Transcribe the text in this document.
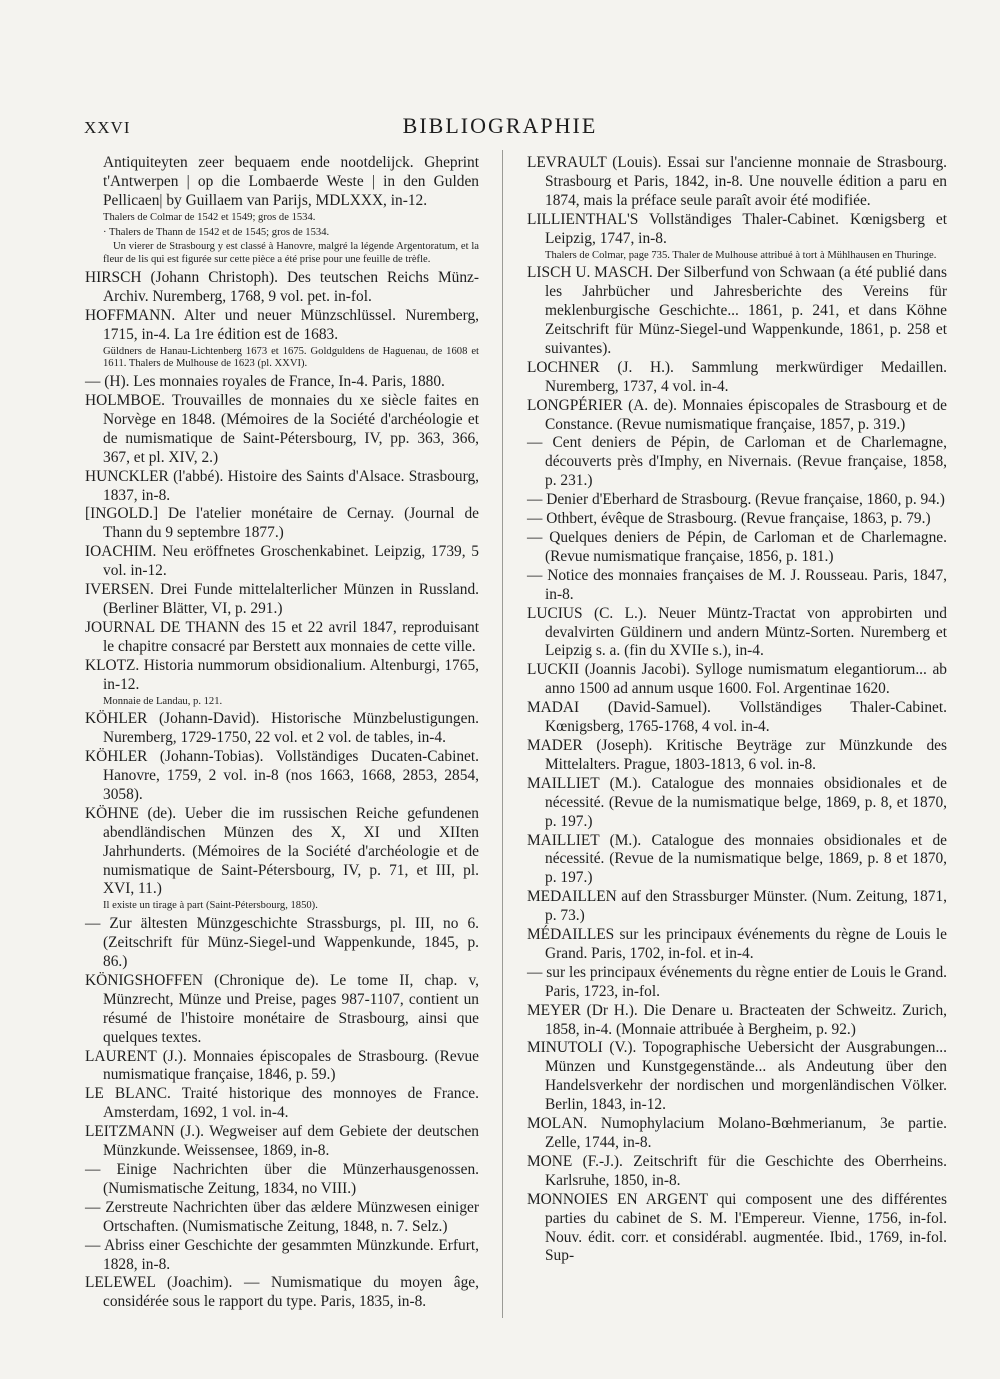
XXVI	BIBLIOGRAPHIE
Antiquiteyten zeer bequaem ende nootdelijck. Gheprint t'Antwerpen | op die Lombaerde Weste | in den Gulden Pellicaen| by Guillaem van Parijs, MDLXXX, in-12.
Thalers de Colmar de 1542 et 1549; gros de 1534.
· Thalers de Thann de 1542 et de 1545; gros de 1534.
Un vierer de Strasbourg y est classé à Hanovre, malgré la légende Argentoratum, et la fleur de lis qui est figurée sur cette pièce a été prise pour une feuille de trèfle.
HIRSCH (Johann Christoph). Des teutschen Reichs Münz-Archiv. Nuremberg, 1768, 9 vol. pet. in-fol.
HOFFMANN. Alter und neuer Münzschlüssel. Nuremberg, 1715, in-4. La 1re édition est de 1683.
Güldners de Hanau-Lichtenberg 1673 et 1675. Goldguldens de Haguenau, de 1608 et 1611. Thalers de Mulhouse de 1623 (pl. XXVI).
— (H). Les monnaies royales de France, In-4. Paris, 1880.
HOLMBOE. Trouvailles de monnaies du xe siècle faites en Norvège en 1848. (Mémoires de la Société d'archéologie et de numismatique de Saint-Pétersbourg, IV, pp. 363, 366, 367, et pl. XIV, 2.)
HUNCKLER (l'abbé). Histoire des Saints d'Alsace. Strasbourg, 1837, in-8.
[INGOLD.] De l'atelier monétaire de Cernay. (Journal de Thann du 9 septembre 1877.)
IOACHIM. Neu eröffnetes Groschenkabinet. Leipzig, 1739, 5 vol. in-12.
IVERSEN. Drei Funde mittelalterlicher Münzen in Russland. (Berliner Blätter, VI, p. 291.)
JOURNAL DE THANN des 15 et 22 avril 1847, reproduisant le chapitre consacré par Berstett aux monnaies de cette ville.
KLOTZ. Historia nummorum obsidionalium. Altenburgi, 1765, in-12.
Monnaie de Landau, p. 121.
KÖHLER (Johann-David). Historische Münzbelustigungen. Nuremberg, 1729-1750, 22 vol. et 2 vol. de tables, in-4.
KÖHLER (Johann-Tobias). Vollständiges Ducaten-Cabinet. Hanovre, 1759, 2 vol. in-8 (nos 1663, 1668, 2853, 2854, 3058).
KÖHNE (de). Ueber die im russischen Reiche gefundenen abendländischen Münzen des X, XI und XIIten Jahrhunderts. (Mémoires de la Société d'archéologie et de numismatique de Saint-Pétersbourg, IV, p. 71, et III, pl. XVI, 11.)
Il existe un tirage à part (Saint-Pétersbourg, 1850).
— Zur ältesten Münzgeschichte Strassburgs, pl. III, no 6. (Zeitschrift für Münz-Siegel-und Wappenkunde, 1845, p. 86.)
KÖNIGSHOFFEN (Chronique de). Le tome II, chap. v, Münzrecht, Münze und Preise, pages 987-1107, contient un résumé de l'histoire monétaire de Strasbourg, ainsi que quelques textes.
LAURENT (J.). Monnaies épiscopales de Strasbourg. (Revue numismatique française, 1846, p. 59.)
LE BLANC. Traité historique des monnoyes de France. Amsterdam, 1692, 1 vol. in-4.
LEITZMANN (J.). Wegweiser auf dem Gebiete der deutschen Münzkunde. Weissensee, 1869, in-8.
— Einige Nachrichten über die Münzerhausgenossen. (Numismatische Zeitung, 1834, no VIII.)
— Zerstreute Nachrichten über das ældere Münzwesen einiger Ortschaften. (Numismatische Zeitung, 1848, n. 7. Selz.)
— Abriss einer Geschichte der gesammten Münzkunde. Erfurt, 1828, in-8.
LELEWEL (Joachim). — Numismatique du moyen âge, considérée sous le rapport du type. Paris, 1835, in-8.
LEVRAULT (Louis). Essai sur l'ancienne monnaie de Strasbourg. Strasbourg et Paris, 1842, in-8. Une nouvelle édition a paru en 1874, mais la préface seule paraît avoir été modifiée.
LILLIENTHAL'S Vollständiges Thaler-Cabinet. Kœnigsberg et Leipzig, 1747, in-8.
Thalers de Colmar, page 735. Thaler de Mulhouse attribué à tort à Mühlhausen en Thuringe.
LISCH U. MASCH. Der Silberfund von Schwaan (a été publié dans les Jahrbücher und Jahresberichte des Vereins für meklenburgische Geschichte... 1861, p. 241, et dans Köhne Zeitschrift für Münz-Siegel-und Wappenkunde, 1861, p. 258 et suivantes).
LOCHNER (J. H.). Sammlung merkwürdiger Medaillen. Nuremberg, 1737, 4 vol. in-4.
LONGPÉRIER (A. de). Monnaies épiscopales de Strasbourg et de Constance. (Revue numismatique française, 1857, p. 319.)
— Cent deniers de Pépin, de Carloman et de Charlemagne, découverts près d'Imphy, en Nivernais. (Revue française, 1858, p. 231.)
— Denier d'Eberhard de Strasbourg. (Revue française, 1860, p. 94.)
— Othbert, évêque de Strasbourg. (Revue française, 1863, p. 79.)
— Quelques deniers de Pépin, de Carloman et de Charlemagne. (Revue numismatique française, 1856, p. 181.)
— Notice des monnaies françaises de M. J. Rousseau. Paris, 1847, in-8.
LUCIUS (C. L.). Neuer Müntz-Tractat von approbirten und devalvirten Güldinern und andern Müntz-Sorten. Nuremberg et Leipzig s. a. (fin du XVIIe s.), in-4.
LUCKII (Joannis Jacobi). Sylloge numismatum elegantiorum... ab anno 1500 ad annum usque 1600. Fol. Argentinae 1620.
MADAI (David-Samuel). Vollständiges Thaler-Cabinet. Kœnigsberg, 1765-1768, 4 vol. in-4.
MADER (Joseph). Kritische Beyträge zur Münzkunde des Mittelalters. Prague, 1803-1813, 6 vol. in-8.
MAILLIET (M.). Catalogue des monnaies obsidionales et de nécessité. (Revue de la numismatique belge, 1869, p. 8, et 1870, p. 197.)
MAILLIET (M.). Catalogue des monnaies obsidionales et de nécessité. (Revue de la numismatique belge, 1869, p. 8 et 1870, p. 197.)
MEDAILLEN auf den Strassburger Münster. (Num. Zeitung, 1871, p. 73.)
MÉDAILLES sur les principaux événements du règne de Louis le Grand. Paris, 1702, in-fol. et in-4.
— sur les principaux événements du règne entier de Louis le Grand. Paris, 1723, in-fol.
MEYER (Dr H.). Die Denare u. Bracteaten der Schweitz. Zurich, 1858, in-4. (Monnaie attribuée à Bergheim, p. 92.)
MINUTOLI (V.). Topographische Uebersicht der Ausgrabungen... Münzen und Kunstgegenstände... als Andeutung über den Handelsverkehr der nordischen und morgenländischen Völker. Berlin, 1843, in-12.
MOLAN. Numophylacium Molano-Bœhmerianum, 3e partie. Zelle, 1744, in-8.
MONE (F.-J.). Zeitschrift für die Geschichte des Oberrheins. Karlsruhe, 1850, in-8.
MONNOIES EN ARGENT qui composent une des différentes parties du cabinet de S. M. l'Empereur. Vienne, 1756, in-fol. Nouv. édit. corr. et considérabl. augmentée. Ibid., 1769, in-fol. Sup-
